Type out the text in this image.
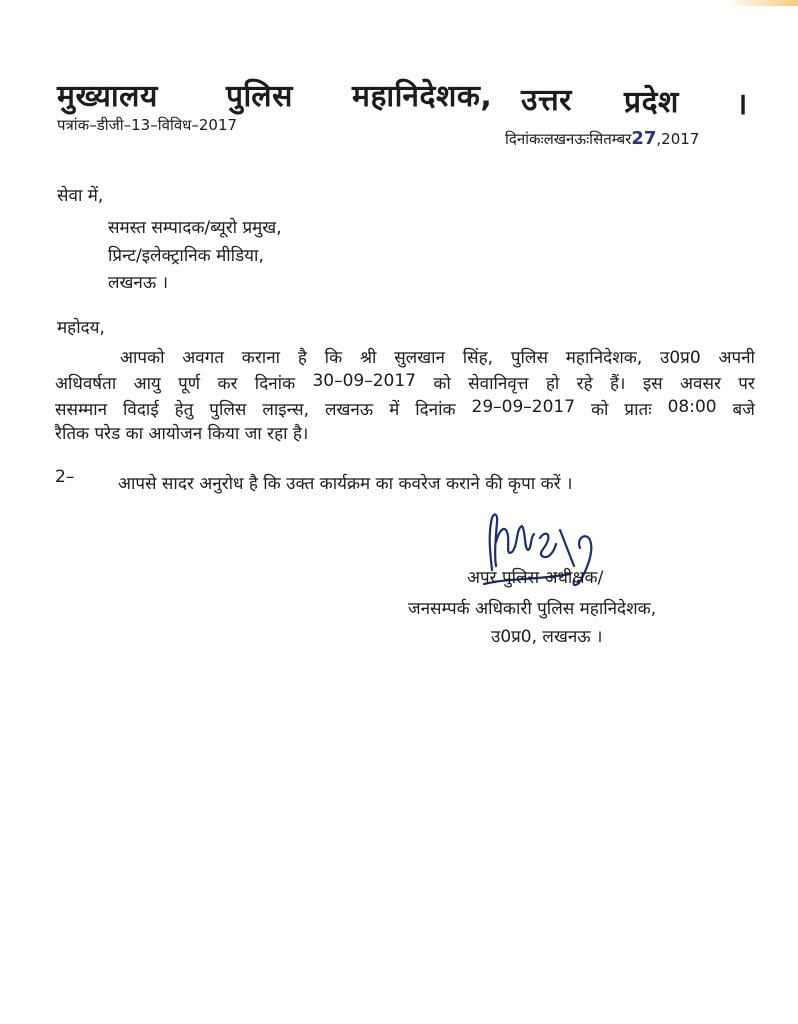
मुख्यालय पुलिस महानिदेशक, उत्तर प्रदेश ।
पत्रांक–डीजी–13–विविध–2017
दिनांकःलखनऊःसितम्बर27,2017
सेवा में,
समस्त सम्पादक/ब्यूरो प्रमुख,
प्रिन्ट/इलेक्ट्रानिक मीडिया,
लखनऊ ।
महोदय,
आपको अवगत कराना है कि श्री सुलखान सिंह, पुलिस महानिदेशक, उ0प्र0 अपनी
अधिवर्षता आयु पूर्ण कर दिनांक 30–09–2017 को सेवानिवृत्त हो रहे हैं। इस अवसर पर
ससम्मान विदाई हेतु पुलिस लाइन्स, लखनऊ में दिनांक 29–09–2017 को प्रातः 08:00 बजे
रैतिक परेड का आयोजन किया जा रहा है।
2–	आपसे सादर अनुरोध है कि उक्त कार्यक्रम का कवरेज कराने की कृपा करें ।
अपर पुलिस अधीक्षक/
जनसम्पर्क अधिकारी पुलिस महानिदेशक,
उ0प्र0, लखनऊ ।
